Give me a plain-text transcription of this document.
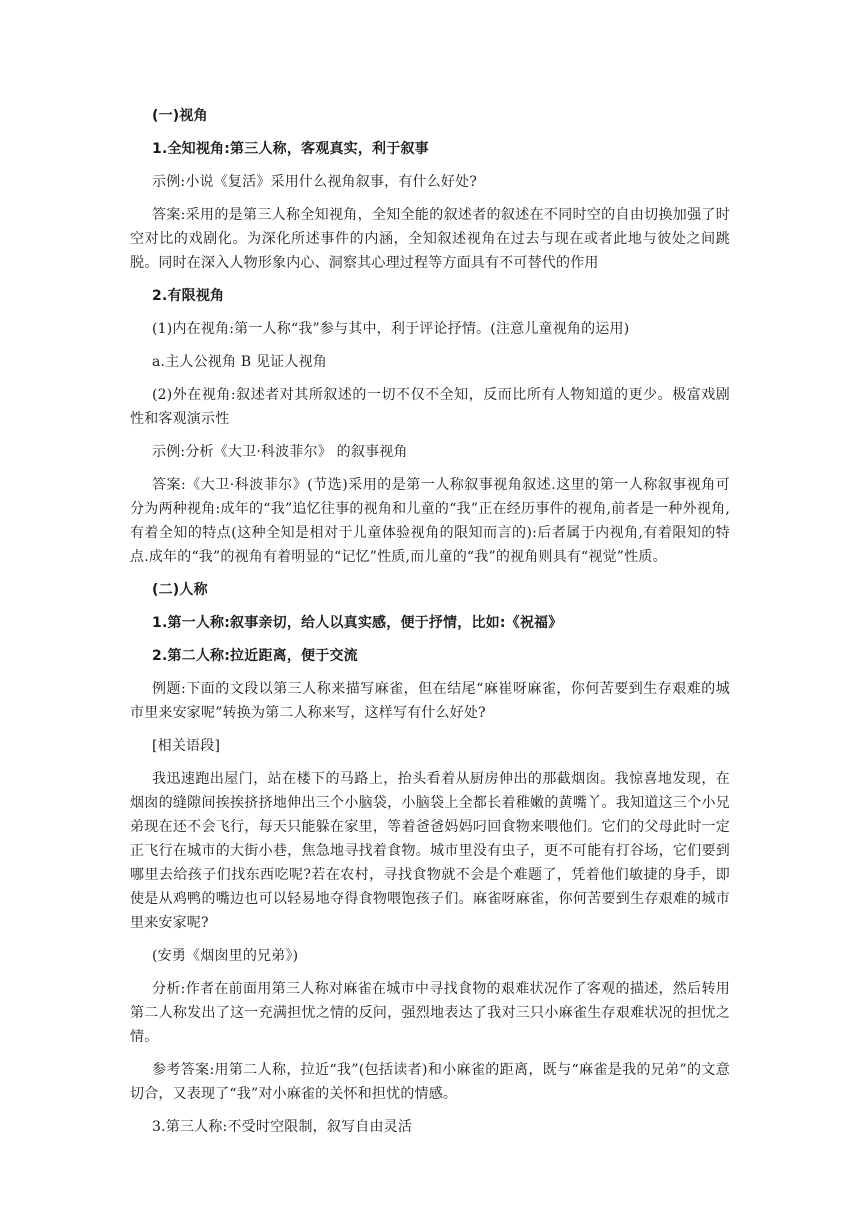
(一)视角

1.全知视角:第三人称，客观真实，利于叙事

示例:小说《复活》采用什么视角叙事，有什么好处?

答案:采用的是第三人称全知视角，全知全能的叙述者的叙述在不同时空的自由切换加强了时空对比的戏剧化。为深化所述事件的内涵，全知叙述视角在过去与现在或者此地与彼处之间跳脱。同时在深入人物形象内心、洞察其心理过程等方面具有不可替代的作用

2.有限视角

(1)内在视角:第一人称“我”参与其中，利于评论抒情。(注意儿童视角的运用)

a.主人公视角 B 见证人视角

(2)外在视角:叙述者对其所叙述的一切不仅不全知，反而比所有人物知道的更少。极富戏剧性和客观演示性

示例:分析《大卫·科波菲尔》 的叙事视角

答案:《大卫·科波菲尔》(节选)采用的是第一人称叙事视角叙述.这里的第一人称叙事视角可分为两种视角:成年的“我”追忆往事的视角和儿童的“我”正在经历事件的视角,前者是一种外视角,有着全知的特点(这种全知是相对于儿童体验视角的限知而言的):后者属于内视角,有着限知的特点.成年的“我”的视角有着明显的“记忆”性质,而儿童的“我”的视角则具有“视觉”性质。

(二)人称

1.第一人称:叙事亲切，给人以真实感，便于抒情，比如:《祝福》

2.第二人称:拉近距离，便于交流

例题:下面的文段以第三人称来描写麻雀，但在结尾“麻崔呀麻雀，你何苦要到生存艰难的城市里来安家呢”转换为第二人称来写，这样写有什么好处?

[相关语段]

我迅速跑出屋门，站在楼下的马路上，抬头看着从厨房伸出的那截烟囱。我惊喜地发现，在烟囱的缝隙间挨挨挤挤地伸出三个小脑袋，小脑袋上全都长着稚嫩的黄嘴丫。我知道这三个小兄弟现在还不会飞行，每天只能躲在家里，等着爸爸妈妈叼回食物来喂他们。它们的父母此时一定正飞行在城市的大街小巷，焦急地寻找着食物。城市里没有虫子，更不可能有打谷场，它们要到哪里去给孩子们找东西吃呢?若在农村，寻找食物就不会是个难题了，凭着他们敏捷的身手，即使是从鸡鸭的嘴边也可以轻易地夺得食物喂饱孩子们。麻雀呀麻雀，你何苦要到生存艰难的城市里来安家呢?

(安勇《烟囱里的兄弟》)

分析:作者在前面用第三人称对麻雀在城市中寻找食物的艰难状况作了客观的描述，然后转用第二人称发出了这一充满担忧之情的反问，强烈地表达了我对三只小麻雀生存艰难状况的担忧之情。

参考答案:用第二人称，拉近“我”(包括读者)和小麻雀的距离，既与“麻雀是我的兄弟”的文意切合，又表现了“我”对小麻雀的关怀和担忧的情感。

3.第三人称:不受时空限制，叙写自由灵活
